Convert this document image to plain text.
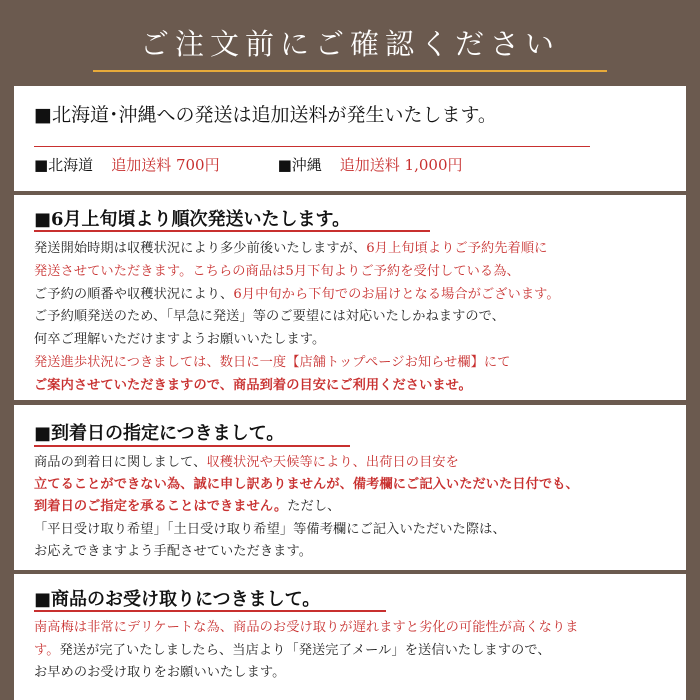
ご注文前にご確認ください
■北海道･沖縄への発送は追加送料が発生いたします。
■北海道 追加送料 700円	■沖縄 追加送料 1,000円
■6月上旬頃より順次発送いたします。
発送開始時期は収穫状況により多少前後いたしますが、6月上旬頃よりご予約先着順に
発送させていただきます。こちらの商品は5月下旬よりご予約を受付している為、
ご予約の順番や収穫状況により、6月中旬から下旬でのお届けとなる場合がございます。
ご予約順発送のため、「早急に発送」等のご要望には対応いたしかねますので、
何卒ご理解いただけますようお願いいたします。
発送進歩状況につきましては、数日に一度【店舗トップページお知らせ欄】にて
ご案内させていただきますので、商品到着の目安にご利用くださいませ。
■到着日の指定につきまして。
商品の到着日に関しまして、収穫状況や天候等により、出荷日の目安を
立てることができない為、誠に申し訳ありませんが、備考欄にご記入いただいた日付でも、
到着日のご指定を承ることはできません。ただし、
「平日受け取り希望」「土日受け取り希望」等備考欄にご記入いただいた際は、
お応えできますよう手配させていただきます。
■商品のお受け取りにつきまして。
南高梅は非常にデリケートな為、商品のお受け取りが遅れますと劣化の可能性が高くなりま
す。発送が完了いたしましたら、当店より「発送完了メール」を送信いたしますので、
お早めのお受け取りをお願いいたします。
